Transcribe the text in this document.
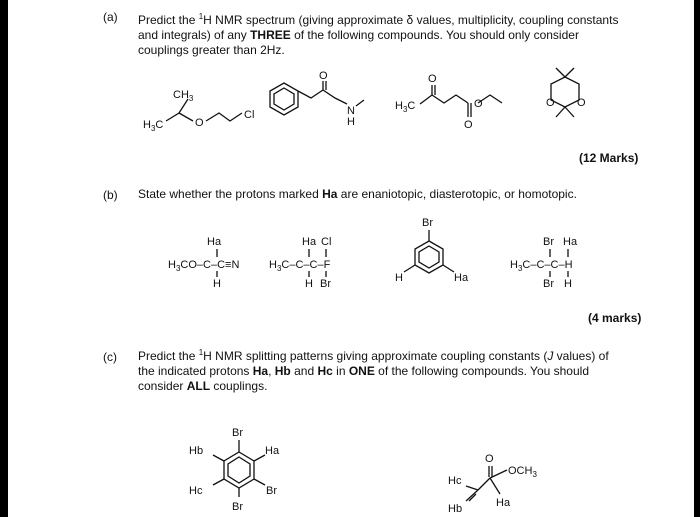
(a) Predict the $^1$H NMR spectrum (giving approximate δ values, multiplicity, coupling constants
and integrals) of any THREE of the following compounds. You should only consider
couplings greater than 2Hz.
(12 Marks)
(b) State whether the protons marked Ha are enaniotopic, diasterotopic, or homotopic.
(4 marks)
(c) Predict the $^1$H NMR splitting patterns giving approximate coupling constants (J values) of
the indicated protons Ha, Hb and Hc in ONE of the following compounds. You should
consider ALL couplings.
$CH_3$
$H_3C$	O
Cl
O
N
H
$H_3C$
O
O
O
O O
Ha
$H_3CO-C-C\equiv N$
H
Ha Cl
$H_3C-C-C-F$
H Br
Br
H	Ha
Br Ha
$H_3C-C-C-H$
Br H
Br
Hb	Ha
Hc	Br
Br
O
$OCH_3$
Hc
Hb	Ha
